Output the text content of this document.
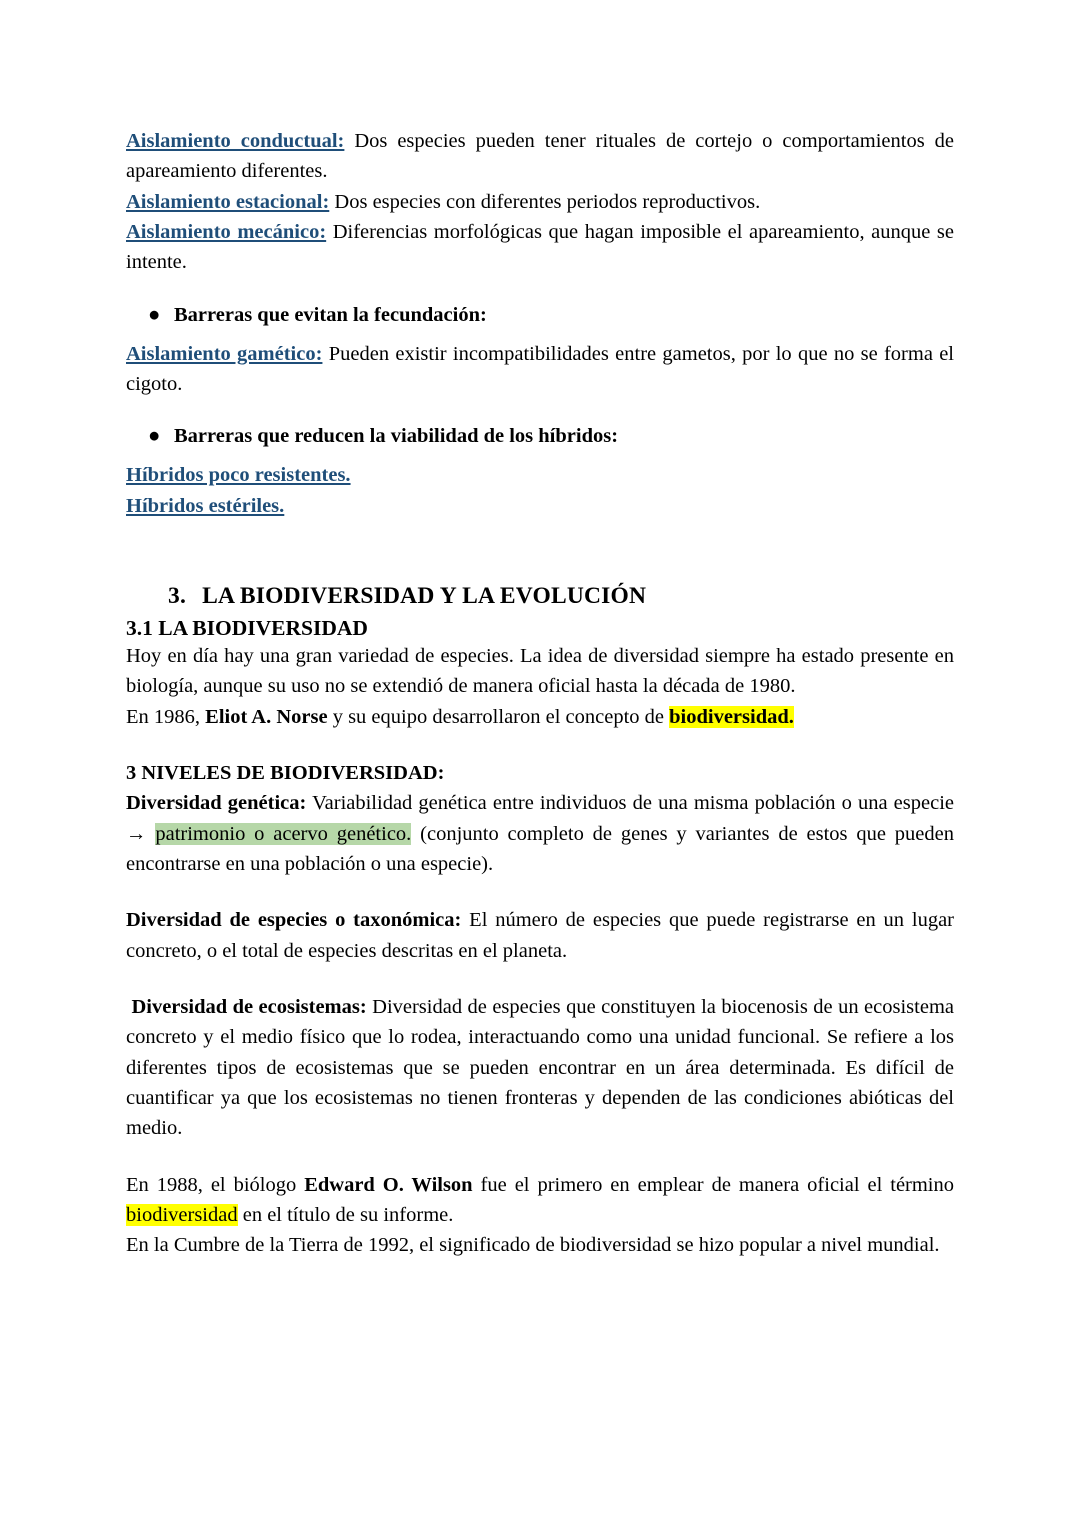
Aislamiento conductual: Dos especies pueden tener rituales de cortejo o comportamientos de apareamiento diferentes.

Aislamiento estacional: Dos especies con diferentes periodos reproductivos.

Aislamiento mecánico: Diferencias morfológicas que hagan imposible el apareamiento, aunque se intente.

● Barreras que evitan la fecundación:

Aislamiento gamético: Pueden existir incompatibilidades entre gametos, por lo que no se forma el cigoto.

● Barreras que reducen la viabilidad de los híbridos:

Híbridos poco resistentes.

Híbridos estériles.

3. LA BIODIVERSIDAD Y LA EVOLUCIÓN
3.1 LA BIODIVERSIDAD

Hoy en día hay una gran variedad de especies. La idea de diversidad siempre ha estado presente en biología, aunque su uso no se extendió de manera oficial hasta la década de 1980.

En 1986, Eliot A. Norse y su equipo desarrollaron el concepto de biodiversidad.

3 NIVELES DE BIODIVERSIDAD:

Diversidad genética: Variabilidad genética entre individuos de una misma población o una especie → patrimonio o acervo genético. (conjunto completo de genes y variantes de estos que pueden encontrarse en una población o una especie).

Diversidad de especies o taxonómica: El número de especies que puede registrarse en un lugar concreto, o el total de especies descritas en el planeta.

Diversidad de ecosistemas: Diversidad de especies que constituyen la biocenosis de un ecosistema concreto y el medio físico que lo rodea, interactuando como una unidad funcional. Se refiere a los diferentes tipos de ecosistemas que se pueden encontrar en un área determinada. Es difícil de cuantificar ya que los ecosistemas no tienen fronteras y dependen de las condiciones abióticas del medio.

En 1988, el biólogo Edward O. Wilson fue el primero en emplear de manera oficial el término biodiversidad en el título de su informe.

En la Cumbre de la Tierra de 1992, el significado de biodiversidad se hizo popular a nivel mundial.
